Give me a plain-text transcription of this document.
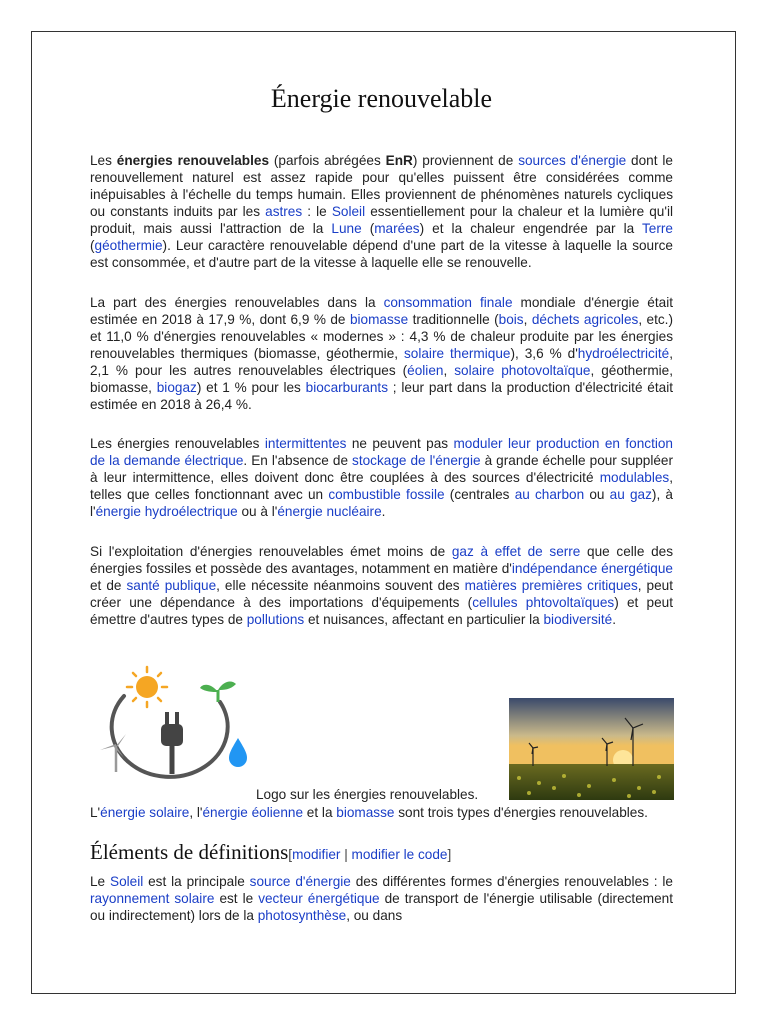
Énergie renouvelable

Les énergies renouvelables (parfois abrégées EnR) proviennent de sources d'énergie dont le renouvellement naturel est assez rapide pour qu'elles puissent être considérées comme inépuisables à l'échelle du temps humain. Elles proviennent de phénomènes naturels cycliques ou constants induits par les astres : le Soleil essentiellement pour la chaleur et la lumière qu'il produit, mais aussi l'attraction de la Lune (marées) et la chaleur engendrée par la Terre (géothermie). Leur caractère renouvelable dépend d'une part de la vitesse à laquelle la source est consommée, et d'autre part de la vitesse à laquelle elle se renouvelle.

La part des énergies renouvelables dans la consommation finale mondiale d'énergie était estimée en 2018 à 17,9 %, dont 6,9 % de biomasse traditionnelle (bois, déchets agricoles, etc.) et 11,0 % d'énergies renouvelables « modernes » : 4,3 % de chaleur produite par les énergies renouvelables thermiques (biomasse, géothermie, solaire thermique), 3,6 % d'hydroélectricité, 2,1 % pour les autres renouvelables électriques (éolien, solaire photovoltaïque, géothermie, biomasse, biogaz) et 1 % pour les biocarburants ; leur part dans la production d'électricité était estimée en 2018 à 26,4 %.

Les énergies renouvelables intermittentes ne peuvent pas moduler leur production en fonction de la demande électrique. En l'absence de stockage de l'énergie à grande échelle pour suppléer à leur intermittence, elles doivent donc être couplées à des sources d'électricité modulables, telles que celles fonctionnant avec un combustible fossile (centrales au charbon ou au gaz), à l'énergie hydroélectrique ou à l'énergie nucléaire.

Si l'exploitation d'énergies renouvelables émet moins de gaz à effet de serre que celle des énergies fossiles et possède des avantages, notamment en matière d'indépendance énergétique et de santé publique, elle nécessite néanmoins souvent des matières premières critiques, peut créer une dépendance à des importations d'équipements (cellules phtovoltaïques) et peut émettre d'autres types de pollutions et nuisances, affectant en particulier la biodiversité.

Logo sur les énergies renouvelables.

L'énergie solaire, l'énergie éolienne et la biomasse sont trois types d'énergies renouvelables.

Éléments de définitions[modifier | modifier le code]

Le Soleil est la principale source d'énergie des différentes formes d'énergies renouvelables : le rayonnement solaire est le vecteur énergétique de transport de l'énergie utilisable (directement ou indirectement) lors de la photosynthèse, ou dans
